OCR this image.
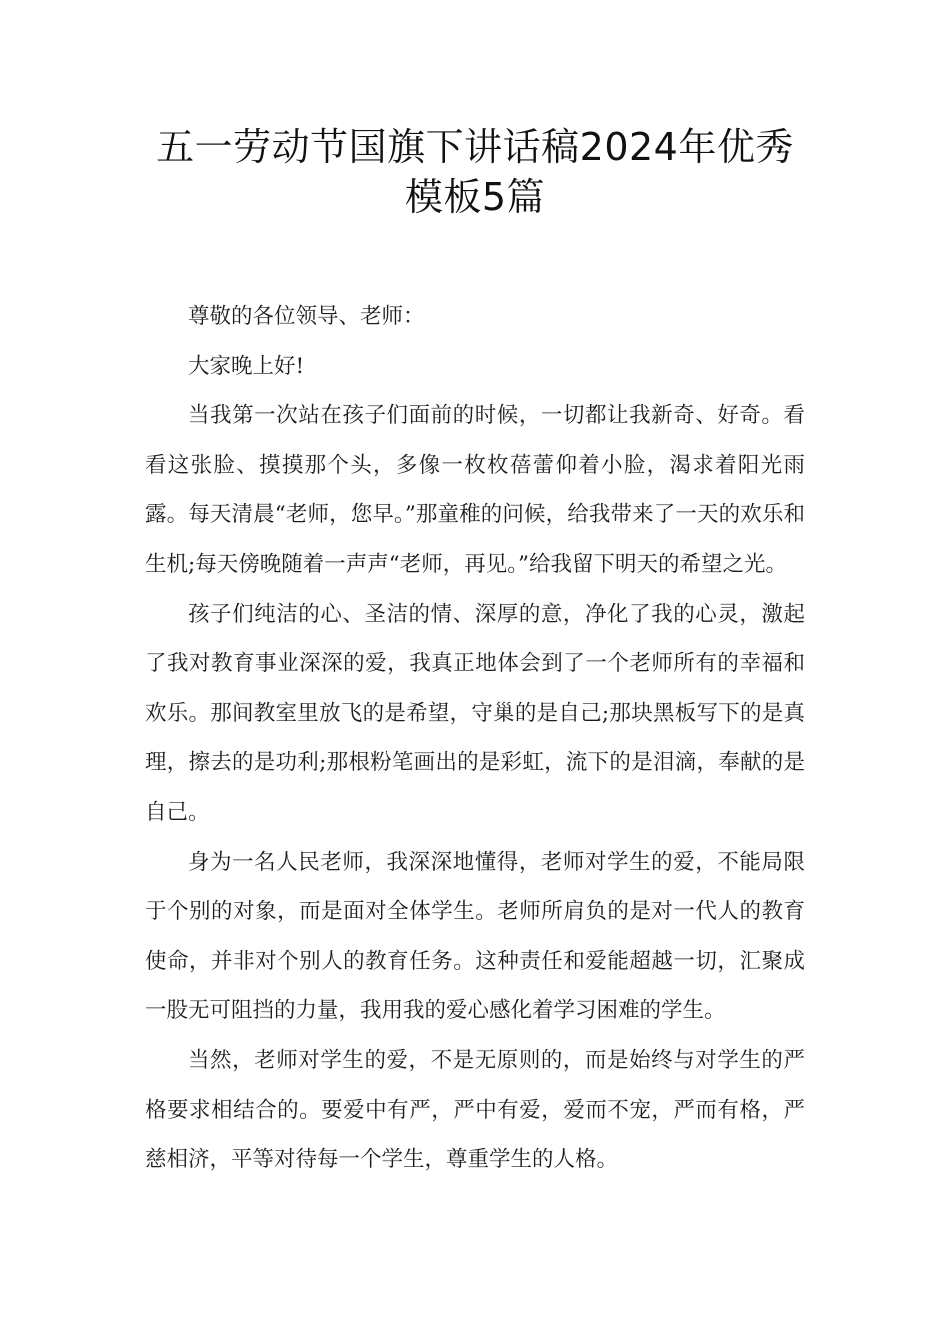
五一劳动节国旗下讲话稿2024年优秀
模板5篇

尊敬的各位领导、老师：

大家晚上好!

当我第一次站在孩子们面前的时候，一切都让我新奇、好奇。看看这张脸、摸摸那个头，多像一枚枚蓓蕾仰着小脸，渴求着阳光雨露。每天清晨“老师，您早。”那童稚的问候，给我带来了一天的欢乐和生机;每天傍晚随着一声声“老师，再见。”给我留下明天的希望之光。

孩子们纯洁的心、圣洁的情、深厚的意，净化了我的心灵，激起了我对教育事业深深的爱，我真正地体会到了一个老师所有的幸福和欢乐。那间教室里放飞的是希望，守巢的是自己;那块黑板写下的是真理，擦去的是功利;那根粉笔画出的是彩虹，流下的是泪滴，奉献的是自己。

身为一名人民老师，我深深地懂得，老师对学生的爱，不能局限于个别的对象，而是面对全体学生。老师所肩负的是对一代人的教育使命，并非对个别人的教育任务。这种责任和爱能超越一切，汇聚成一股无可阻挡的力量，我用我的爱心感化着学习困难的学生。

当然，老师对学生的爱，不是无原则的，而是始终与对学生的严格要求相结合的。要爱中有严，严中有爱，爱而不宠，严而有格，严慈相济，平等对待每一个学生，尊重学生的人格。
